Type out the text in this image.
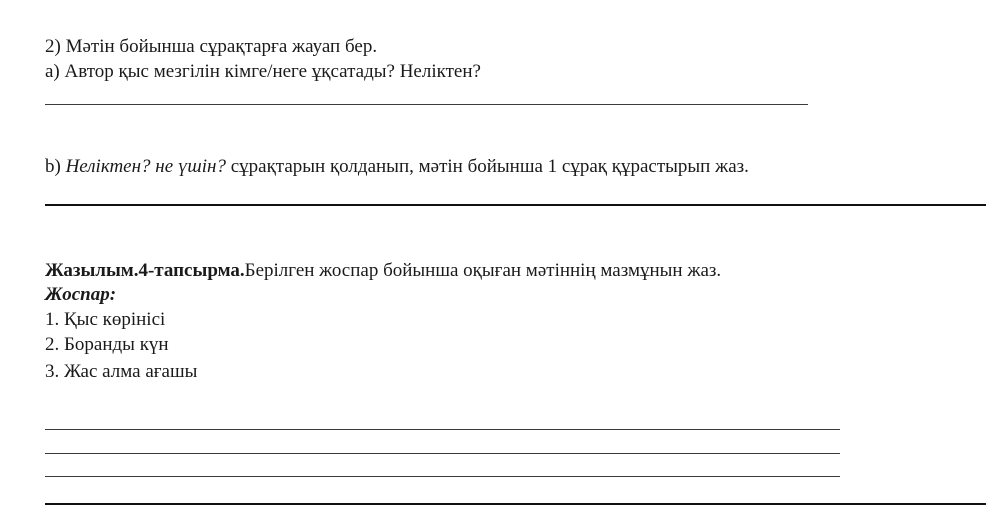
2) Мәтін бойынша сұрақтарға жауап бер.
а) Автор қыс мезгілін кімге/неге ұқсатады? Неліктен?
b) Неліктен? не үшін? сұрақтарын қолданып, мәтін бойынша 1 сұрақ құрастырып жаз.
Жазылым.4-тапсырма.Берілген жоспар бойынша оқыған мәтіннің мазмұнын жаз.
Жоспар:
1. Қыс көрінісі
2. Боранды күн
3. Жас алма ағашы
